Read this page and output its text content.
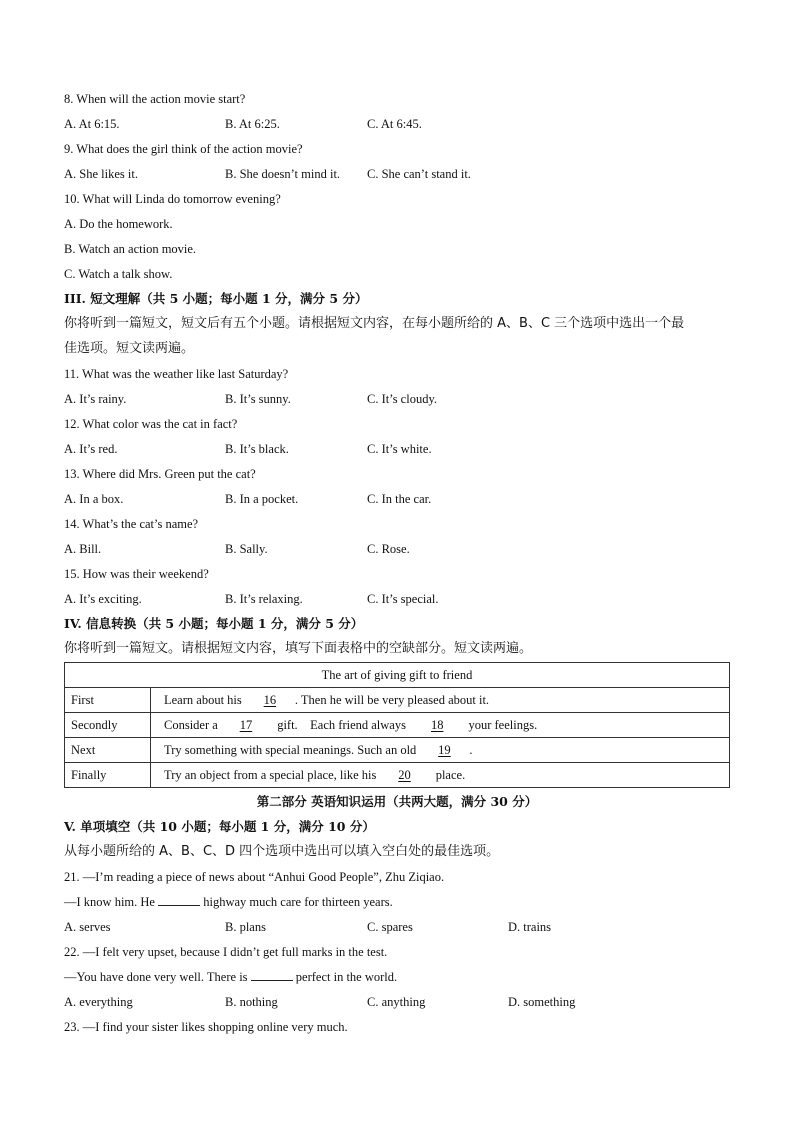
8. When will the action movie start?
A. At 6:15.	B. At 6:25.	C. At 6:45.
9. What does the girl think of the action movie?
A. She likes it.	B. She doesn’t mind it. C. She can’t stand it.
10. What will Linda do tomorrow evening?
A. Do the homework.
B. Watch an action movie.
C. Watch a talk show.
III. 短文理解（共 5 小题；每小题 1 分，满分 5 分）
你将听到一篇短文，短文后有五个小题。请根据短文内容，在每小题所给的 A、B、C 三个选项中选出一个最
佳选项。短文读两遍。
11. What was the weather like last Saturday?
A. It’s rainy.	B. It’s sunny.	C. It’s cloudy.
12. What color was the cat in fact?
A. It’s red.	B. It’s black.	C. It’s white.
13. Where did Mrs. Green put the cat?
A. In a box.	B. In a pocket.	C. In the car.
14. What’s the cat’s name?
A. Bill.	B. Sally.	C. Rose.
15. How was their weekend?
A. It’s exciting.	B. It’s relaxing.	C. It’s special.
IV. 信息转换（共 5 小题；每小题 1 分，满分 5 分）
你将听到一篇短文。请根据短文内容，填写下面表格中的空缺部分。短文读两遍。
The art of giving gift to friend	
First	Learn about his 16 . Then he will be very pleased about it.
Secondly	Consider a 17  gift.    Each friend always  18  your feelings.
Next	Try something with special meanings. Such an old 19 .
Finally	Try an object from a special place, like his 20  place.
第二部分 英语知识运用（共两大题，满分 30 分）
V. 单项填空（共 10 小题；每小题 1 分，满分 10 分）
从每小题所给的 A、B、C、D 四个选项中选出可以填入空白处的最佳选项。
21. —I’m reading a piece of news about “Anhui Good People”, Zhu Ziqiao.
—I know him. He	highway much care for thirteen years.
A. serves	B. plans	C. spares	D. trains
22. —I felt very upset, because I didn’t get full marks in the test.
—You have done very well. There is	perfect in the world.
A. everything	B. nothing	C. anything	D. something
23. —I find your sister likes shopping online very much.
